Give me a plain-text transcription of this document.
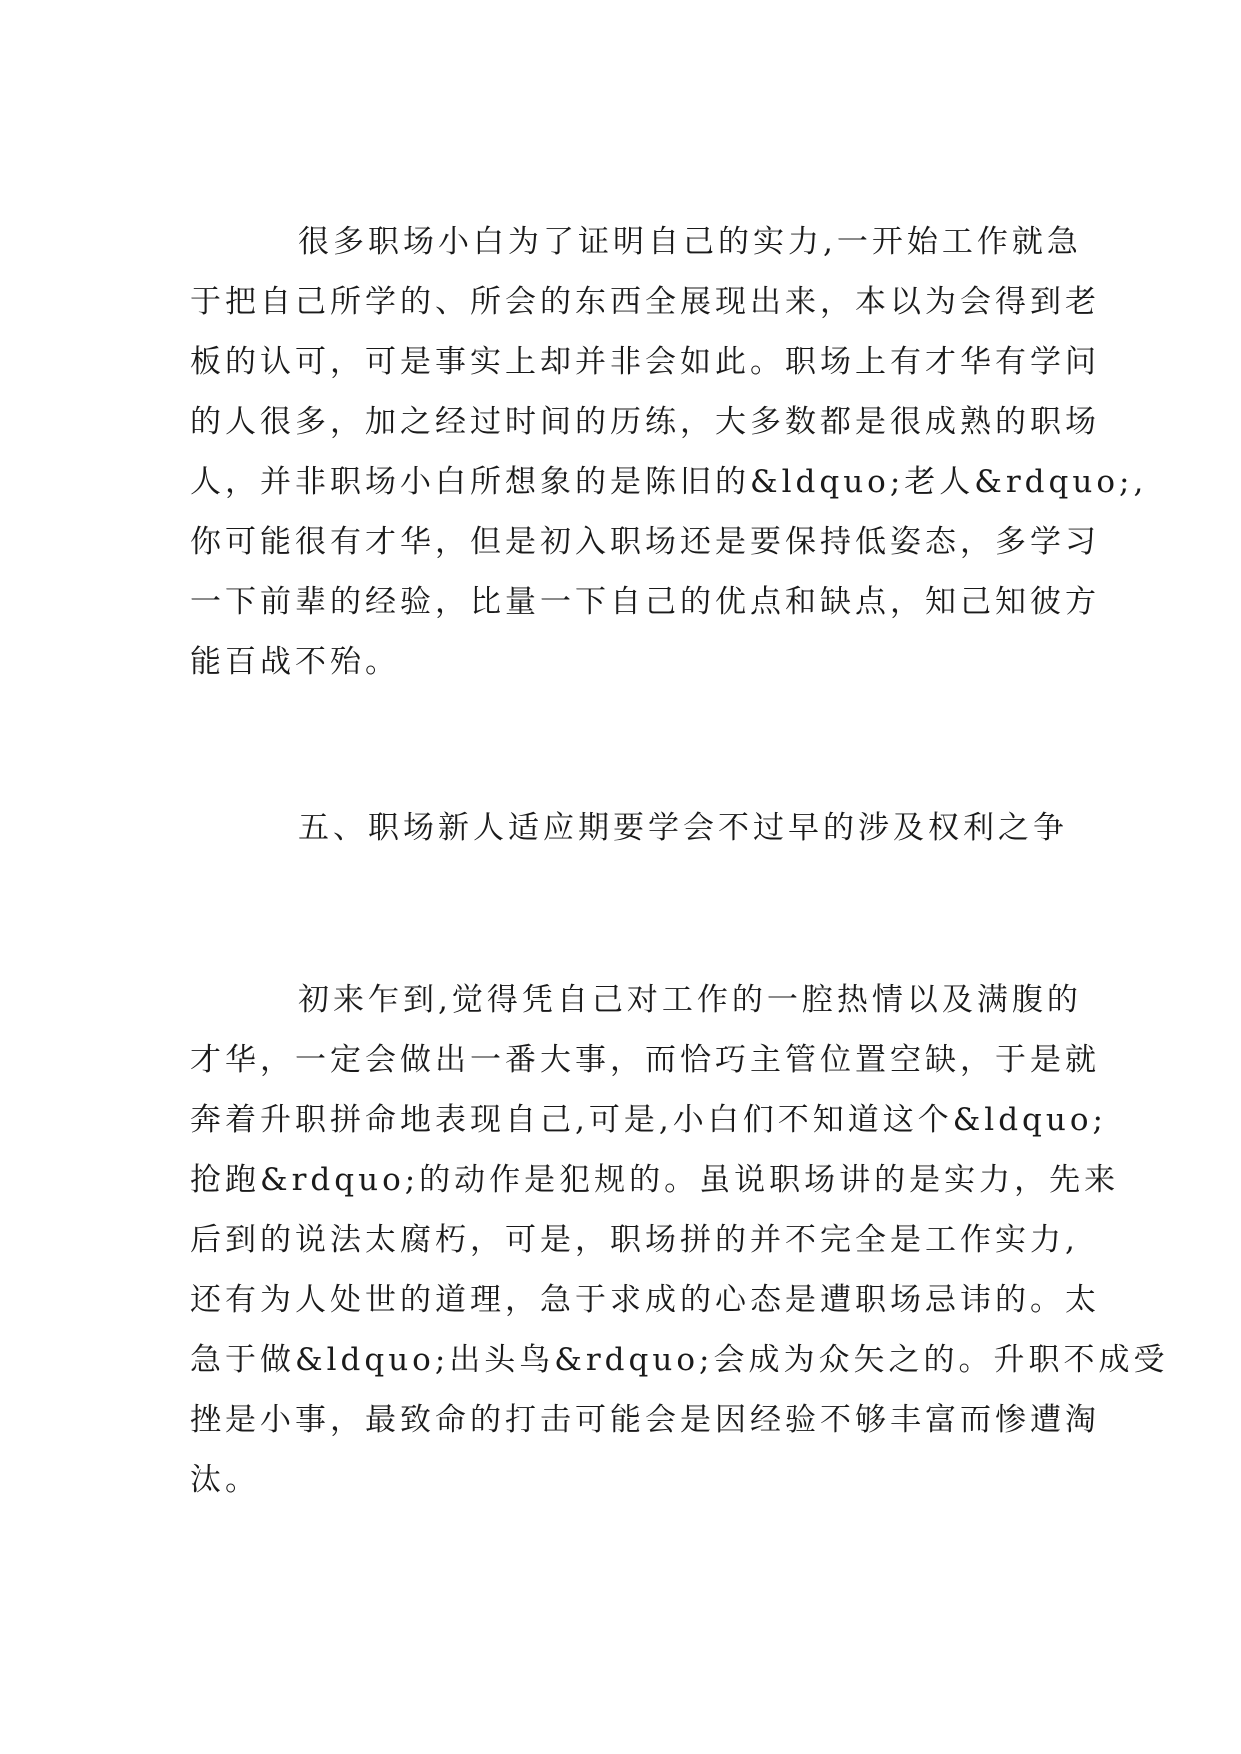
很多职场小白为了证明自己的实力,一开始工作就急
于把自己所学的、所会的东西全展现出来，本以为会得到老
板的认可，可是事实上却并非会如此。职场上有才华有学问
的人很多，加之经过时间的历练，大多数都是很成熟的职场
人，并非职场小白所想象的是陈旧的&ldquo;老人&rdquo;,
你可能很有才华，但是初入职场还是要保持低姿态，多学习
一下前辈的经验，比量一下自己的优点和缺点，知己知彼方
能百战不殆。
五、职场新人适应期要学会不过早的涉及权利之争
初来乍到,觉得凭自己对工作的一腔热情以及满腹的
才华，一定会做出一番大事，而恰巧主管位置空缺，于是就
奔着升职拼命地表现自己,可是,小白们不知道这个&ldquo;
抢跑&rdquo;的动作是犯规的。虽说职场讲的是实力，先来
后到的说法太腐朽，可是，职场拼的并不完全是工作实力,
还有为人处世的道理，急于求成的心态是遭职场忌讳的。太
急于做&ldquo;出头鸟&rdquo;会成为众矢之的。升职不成受
挫是小事，最致命的打击可能会是因经验不够丰富而惨遭淘
汰。
